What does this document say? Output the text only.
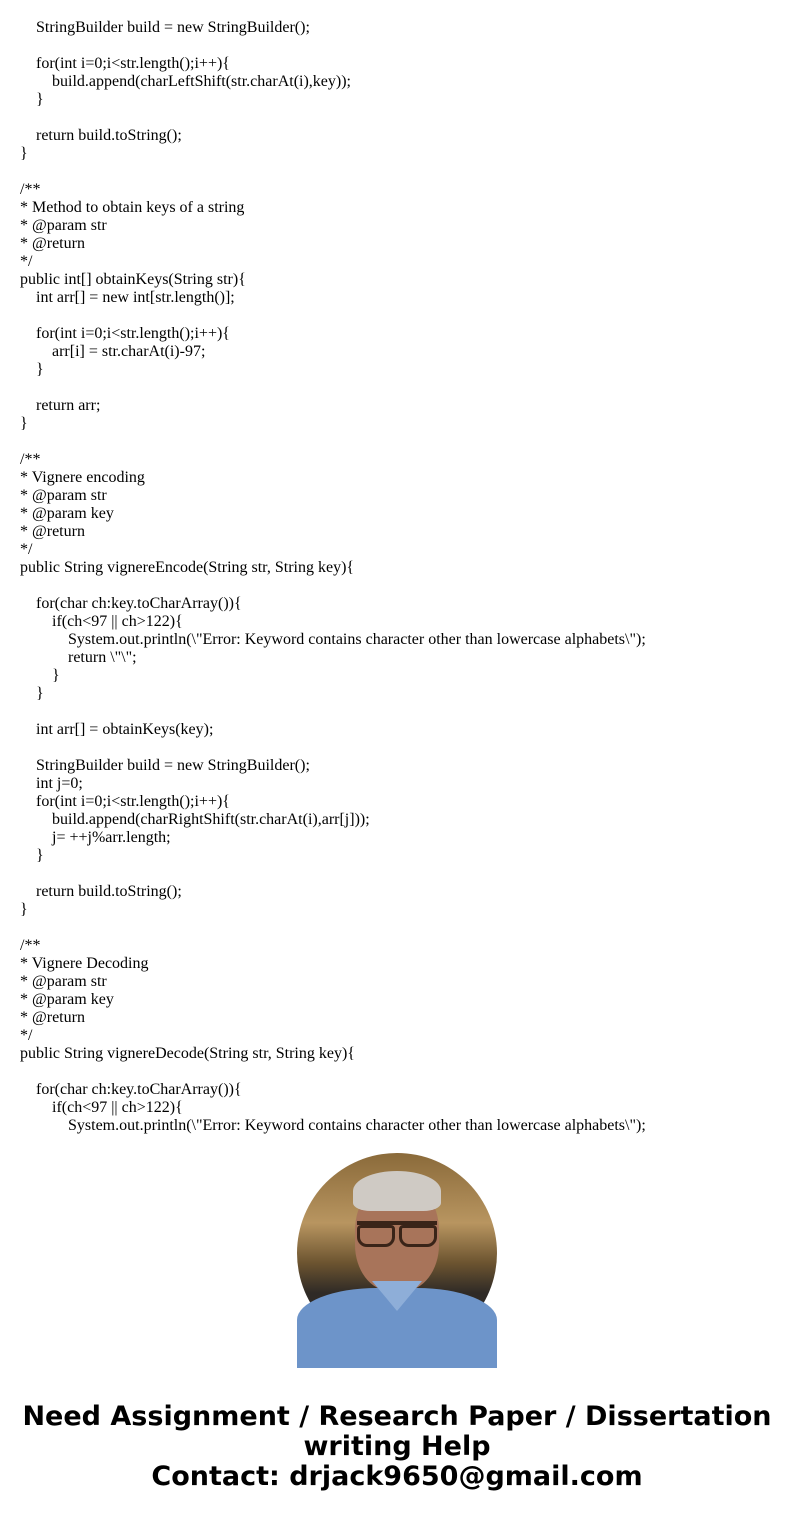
StringBuilder build = new StringBuilder();
for(int i=0;i<str.length();i++){
build.append(charLeftShift(str.charAt(i),key));
}
return build.toString();
}
/**
* Method to obtain keys of a string
* @param str
* @return
*/
public int[] obtainKeys(String str){
int arr[] = new int[str.length()];
for(int i=0;i<str.length();i++){
arr[i] = str.charAt(i)-97;
}
return arr;
}
/**
* Vignere encoding
* @param str
* @param key
* @return
*/
public String vignereEncode(String str, String key){
for(char ch:key.toCharArray()){
if(ch<97 || ch>122){
System.out.println(\"Error: Keyword contains character other than lowercase alphabets\");
return \"\";
}
}
int arr[] = obtainKeys(key);
StringBuilder build = new StringBuilder();
int j=0;
for(int i=0;i<str.length();i++){
build.append(charRightShift(str.charAt(i),arr[j]));
j= ++j%arr.length;
}
return build.toString();
}
/**
* Vignere Decoding
* @param str
* @param key
* @return
*/
public String vignereDecode(String str, String key){
for(char ch:key.toCharArray()){
if(ch<97 || ch>122){
System.out.println(\"Error: Keyword contains character other than lowercase alphabets\");
Need Assignment / Research Paper / Dissertation
writing Help
Contact: drjack9650@gmail.com
